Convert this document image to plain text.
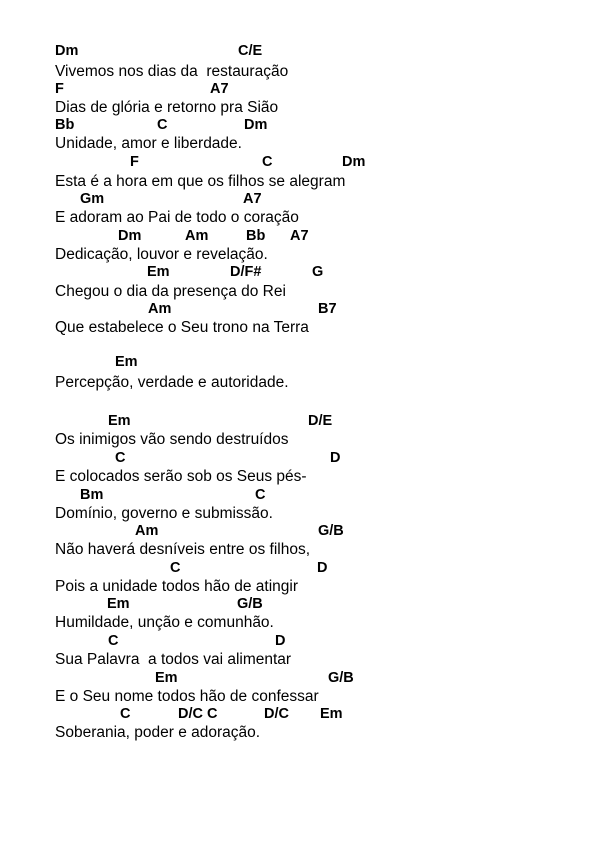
Dm	C/E
Vivemos nos dias da  restauração
F	A7
Dias de glória e retorno pra Sião
Bb	C	Dm
Unidade, amor e liberdade.
F	C	Dm
Esta é a hora em que os filhos se alegram
Gm	A7
E adoram ao Pai de todo o coração
Dm	Am	Bb A7
Dedicação, louvor e revelação.
Em	D/F#	G
Chegou o dia da presença do Rei
Am	B7
Que estabelece o Seu trono na Terra
Em
Percepção, verdade e autoridade.
Em	D/E
Os inimigos vão sendo destruídos
C	D
E colocados serão sob os Seus pés-
Bm	C
Domínio, governo e submissão.
Am	G/B
Não haverá desníveis entre os filhos,
C	D
Pois a unidade todos hão de atingir
Em	G/B
Humildade, unção e comunhão.
C	D
Sua Palavra  a todos vai alimentar
Em	G/B
E o Seu nome todos hão de confessar
C	D/C C	D/C Em
Soberania, poder e adoração.
